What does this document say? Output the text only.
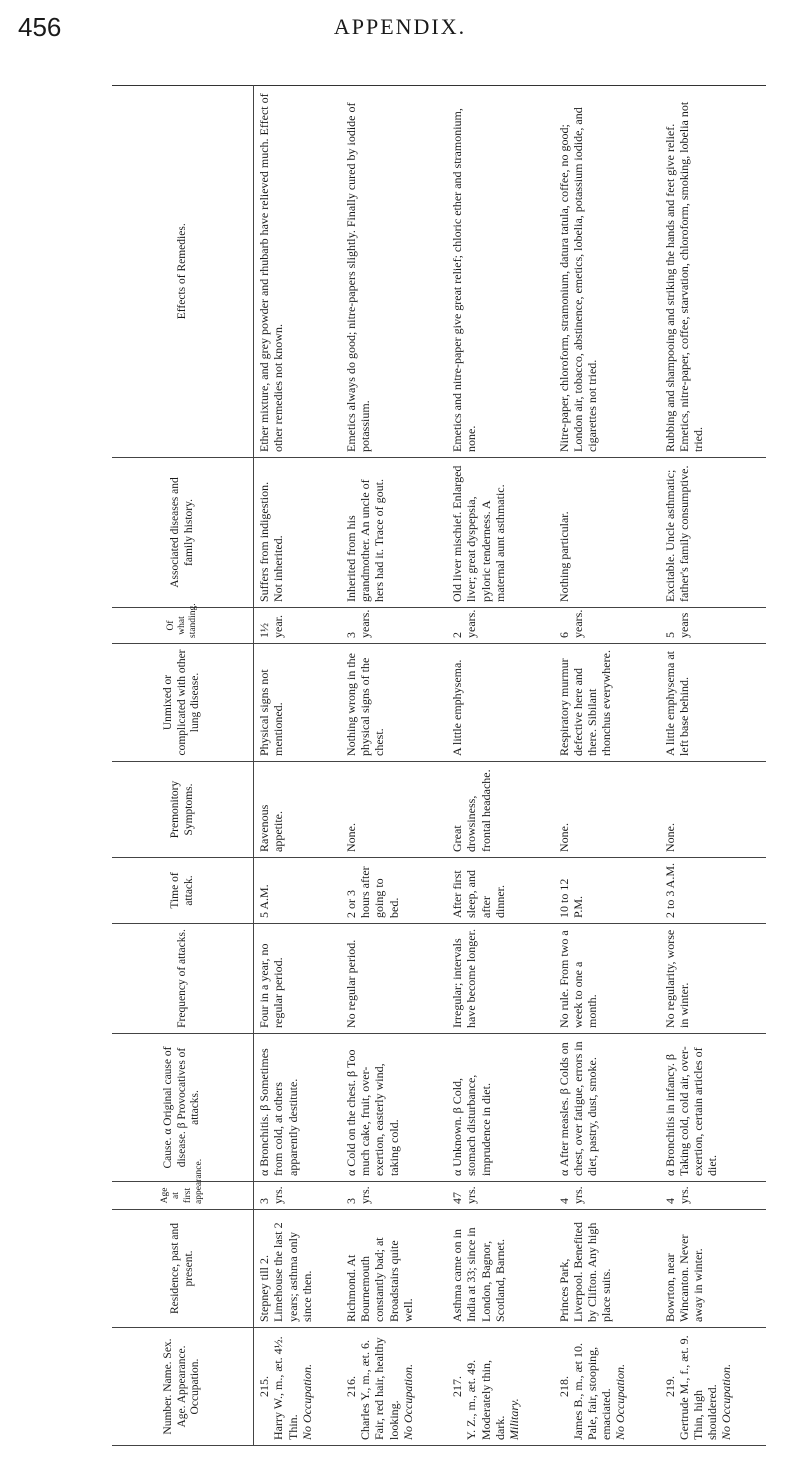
456	APPENDIX.
Number. Name. Sex. Age. Appearance. Occupation.	Residence, past and present.	Age at first appearance.	Cause. α Original cause of disease. β Provocatives of attacks.	Frequency of attacks.	Time of attack.	Premonitory Symptoms.	Unmixed or complicated with other lung disease.	Of what standing.	Associated diseases and family history.	Effects of Remedies.

215. Harry W., m., æt. 4½. Thin. No Occupation.	Stepney till 2. Limehouse the last 2 years; asthma only since then.	3 yrs.	α Bronchitis. β Sometimes from cold, at others apparently destitute.	Four in a year, no regular period.	5 A.M.	Ravenous appetite.	Physical signs not mentioned.	1½ year.	Suffers from indigestion. Not inherited.	Ether mixture, and grey powder and rhubarb have relieved much. Effect of other remedies not known.

216. Charles Y., m., æt. 6. Fair, red hair, healthy looking. No Occupation.	Richmond. At Bournemouth constantly bad; at Broadstairs quite well.	3 yrs.	α Cold on the chest. β Too much cake, fruit, over-exertion, easterly wind, taking cold.	No regular period.	2 or 3 hours after going to bed.	None.	Nothing wrong in the physical signs of the chest.	3 years.	Inherited from his grandmother. An uncle of hers had it. Trace of gout.	Emetics always do good; nitre-papers slightly. Finally cured by iodide of potassium.

217. Y. Z., m., æt. 49. Moderately thin, dark. Military.	Asthma came on in India at 33; since in London, Bagnor, Scotland, Barnet.	47 yrs.	α Unknown. β Cold, stomach disturbance, imprudence in diet.	Irregular; intervals have become longer.	After first sleep, and after dinner.	Great drowsiness, frontal headache.	A little emphysema.	2 years.	Old liver mischief. Enlarged liver; great dyspepsia, pyloric tenderness. A maternal aunt asthmatic.	Emetics and nitre-paper give great relief; chloric ether and stramonium, none.

218. James B., m., æt 10. Pale, fair, stooping, emaciated. No Occupation.	Princes Park, Liverpool. Benefited by Clifton. Any high place suits.	4 yrs.	α After measles. β Colds on chest, over fatigue, errors in diet, pastry, dust, smoke.	No rule. From two a week to one a month.	10 to 12 P.M.	None.	Respiratory murmur defective here and there. Sibilant rhonchus everywhere.	6 years.	Nothing particular.	Nitre-paper, chloroform, stramonium, datura tatula, coffee, no good; London air, tobacco, abstinence, emetics, lobelia, potassium iodide, and cigarettes not tried.

219. Gertrude M., f., æt. 9. Thin, high shouldered. No Occupation.	Bowrton, near Wincanton. Never away in winter.	4 yrs.	α Bronchitis in infancy. β Taking cold, cold air, over-exertion, certain articles of diet.	No regularity, worse in winter.	2 to 3 A.M.	None.	A little emphysema at left base behind.	5 years	Excitable. Uncle asthmatic; father's family consumptive.	Rubbing and shampooing and striking the hands and feet give relief. Emetics, nitre-paper, coffee, starvation, chloroform, smoking, lobelia not tried.
